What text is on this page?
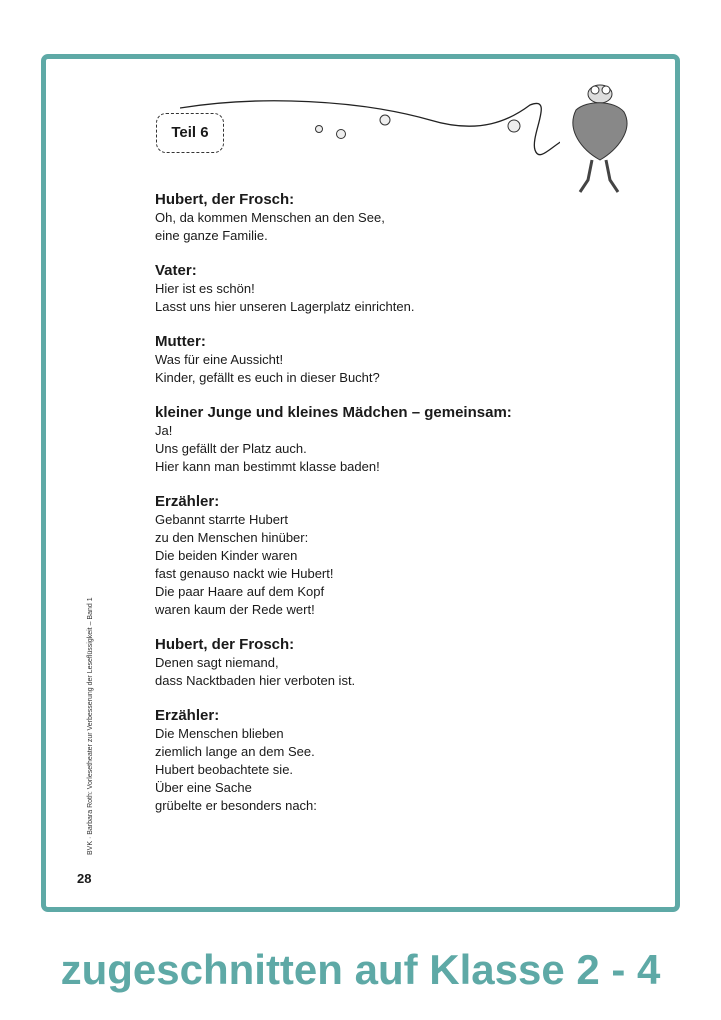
Teil 6
Hubert, der Frosch:
Oh, da kommen Menschen an den See,
eine ganze Familie.
Vater:
Hier ist es schön!
Lasst uns hier unseren Lagerplatz einrichten.
Mutter:
Was für eine Aussicht!
Kinder, gefällt es euch in dieser Bucht?
kleiner Junge und kleines Mädchen – gemeinsam:
Ja!
Uns gefällt der Platz auch.
Hier kann man bestimmt klasse baden!
Erzähler:
Gebannt starrte Hubert
zu den Menschen hinüber:
Die beiden Kinder waren
fast genauso nackt wie Hubert!
Die paar Haare auf dem Kopf
waren kaum der Rede wert!
Hubert, der Frosch:
Denen sagt niemand,
dass Nacktbaden hier verboten ist.
Erzähler:
Die Menschen blieben
ziemlich lange an dem See.
Hubert beobachtete sie.
Über eine Sache
grübelte er besonders nach:
BVK · Barbara Roth: Vorlesetheater zur Verbesserung der Leseflüssigkeit – Band 1
28
zugeschnitten auf Klasse 2 - 4
